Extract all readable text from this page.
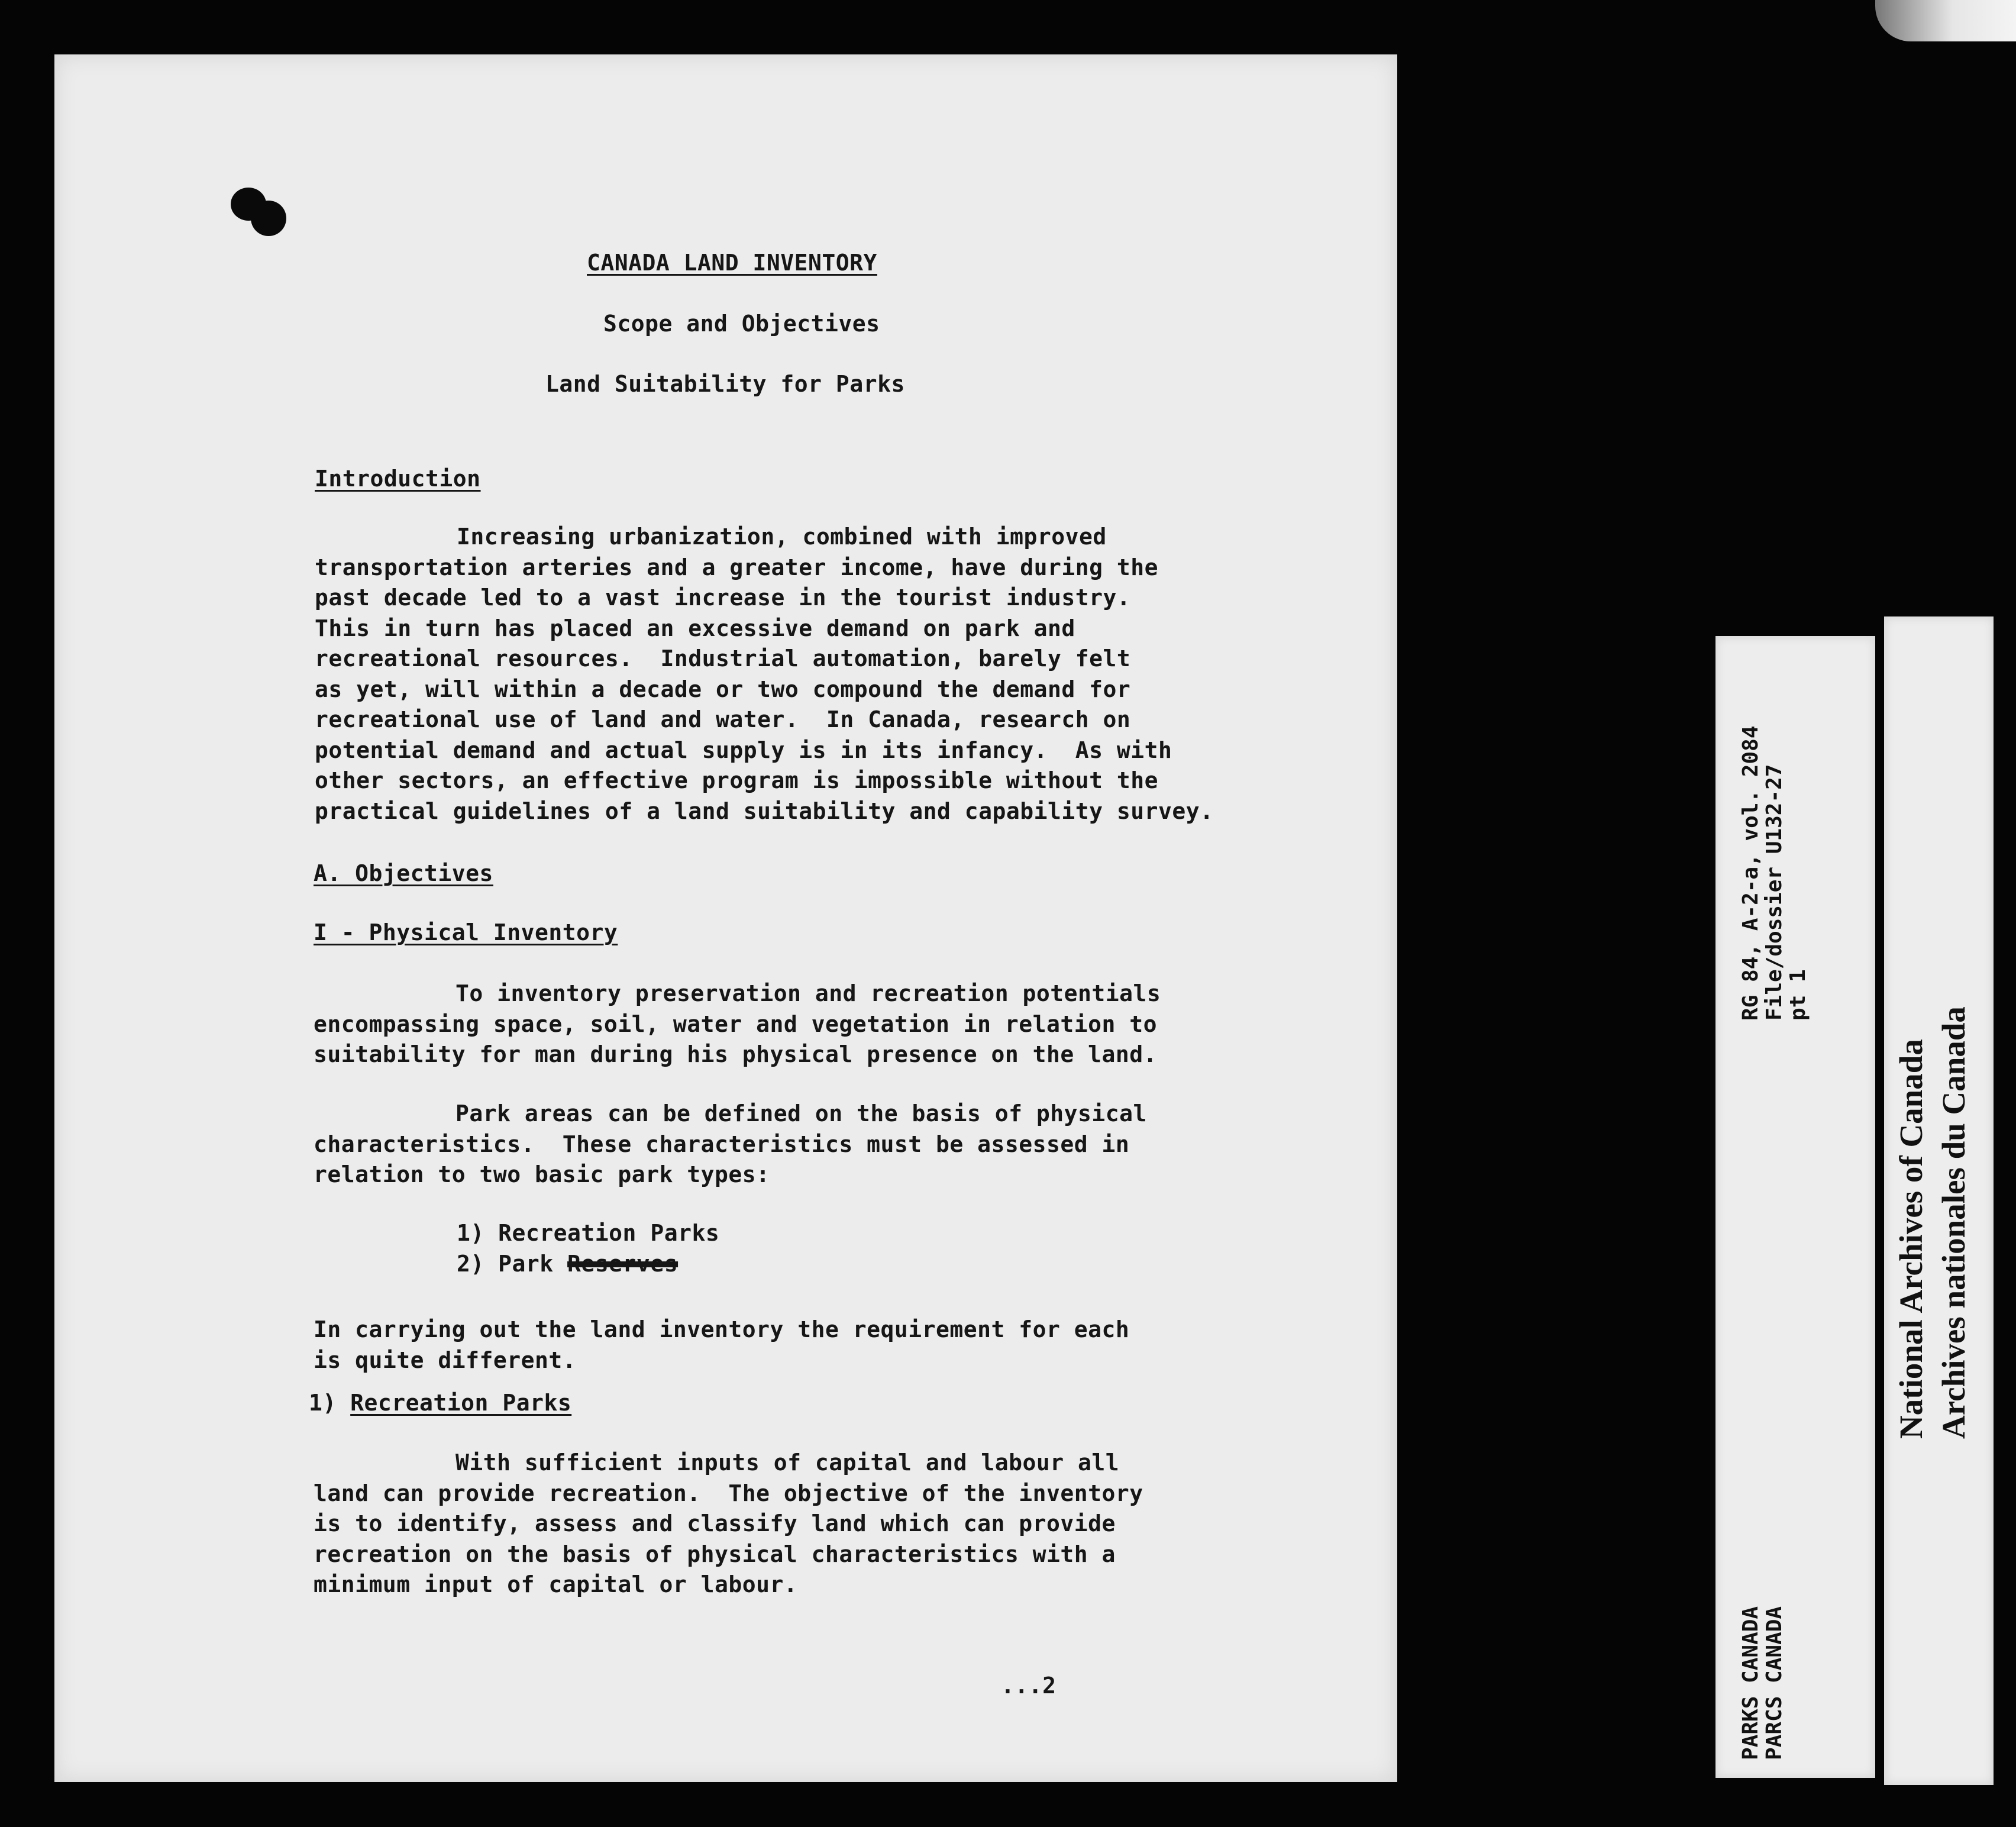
CANADA LAND INVENTORY

Scope and Objectives

Land Suitability for Parks

Introduction

Increasing urbanization, combined with improved
transportation arteries and a greater income, have during the
past decade led to a vast increase in the tourist industry.
This in turn has placed an excessive demand on park and
recreational resources.  Industrial automation, barely felt
as yet, will within a decade or two compound the demand for
recreational use of land and water.  In Canada, research on
potential demand and actual supply is in its infancy.  As with
other sectors, an effective program is impossible without the
practical guidelines of a land suitability and capability survey.

A. Objectives

I - Physical Inventory

To inventory preservation and recreation potentials
encompassing space, soil, water and vegetation in relation to
suitability for man during his physical presence on the land.
Park areas can be defined on the basis of physical
characteristics.  These characteristics must be assessed in
relation to two basic park types:
1) Recreation Parks
2) Park Reserves
In carrying out the land inventory the requirement for each
is quite different.
1) Recreation Parks
With sufficient inputs of capital and labour all
land can provide recreation.  The objective of the inventory
is to identify, assess and classify land which can provide
recreation on the basis of physical characteristics with a
minimum input of capital or labour.

...2

RG 84, A-2-a, vol. 2084 File/dossier U132-27 pt 1
PARKS CANADA PARCS CANADA
National Archives of Canada Archives nationales du Canada
